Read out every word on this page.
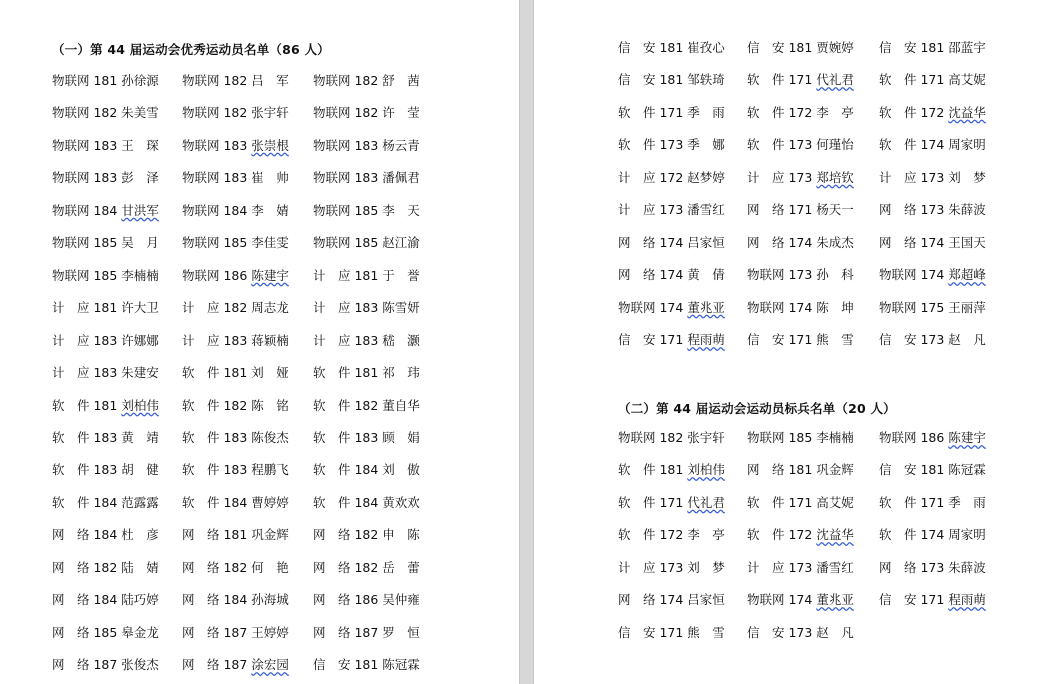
（一）第 44 届运动会优秀运动员名单（86 人）
物联网 181 孙徐源 物联网 182 吕　军 物联网 182 舒　茜
物联网 182 朱美雪 物联网 182 张宇轩 物联网 182 许　莹
物联网 183 王　琛 物联网 183 张崇根 物联网 183 杨云青
物联网 183 彭　泽 物联网 183 崔　帅 物联网 183 潘佩君
物联网 184 甘洪军 物联网 184 李　婧 物联网 185 李　天
物联网 185 吴　月 物联网 185 李佳雯 物联网 185 赵江渝
物联网 185 李楠楠 物联网 186 陈建宇 计　应 181 于　誉
计　应 181 许大卫 计　应 182 周志龙 计　应 183 陈雪妍
计　应 183 许娜娜 计　应 183 蒋颖楠 计　应 183 嵇　灏
计　应 183 朱建安 软　件 181 刘　娅 软　件 181 祁　玮
软　件 181 刘柏伟 软　件 182 陈　铭 软　件 182 董自华
软　件 183 黄　靖 软　件 183 陈俊杰 软　件 183 顾　娟
软　件 183 胡　健 软　件 183 程鹏飞 软　件 184 刘　傲
软　件 184 范露露 软　件 184 曹婷婷 软　件 184 黄欢欢
网　络 184 杜　彦 网　络 181 巩金辉 网　络 182 申　陈
网　络 182 陆　婧 网　络 182 何　艳 网　络 182 岳　蕾
网　络 184 陆巧婷 网　络 184 孙海城 网　络 186 吴仲雍
网　络 185 皋金龙 网　络 187 王婷婷 网　络 187 罗　恒
网　络 187 张俊杰 网　络 187 涂宏园 信　安 181 陈冠霖
信　安 181 崔孜心 信　安 181 贾婉婷 信　安 181 邵蓝宇
信　安 181 邹轶琦 软　件 171 代礼君 软　件 171 高艾妮
软　件 171 季　雨 软　件 172 李　亭 软　件 172 沈益华
软　件 173 季　娜 软　件 173 何瑾怡 软　件 174 周家明
计　应 172 赵梦婷 计　应 173 郑培钦 计　应 173 刘　梦
计　应 173 潘雪红 网　络 171 杨天一 网　络 173 朱薛波
网　络 174 吕家恒 网　络 174 朱成杰 网　络 174 王国天
网　络 174 黄　倩 物联网 173 孙　科 物联网 174 郑超峰
物联网 174 董兆亚 物联网 174 陈　坤 物联网 175 王丽萍
信　安 171 程雨萌 信　安 171 熊　雪 信　安 173 赵　凡
（二）第 44 届运动会运动员标兵名单（20 人）
物联网 182 张宇轩 物联网 185 李楠楠 物联网 186 陈建宇
软　件 181 刘柏伟 网　络 181 巩金辉 信　安 181 陈冠霖
软　件 171 代礼君 软　件 171 高艾妮 软　件 171 季　雨
软　件 172 李　亭 软　件 172 沈益华 软　件 174 周家明
计　应 173 刘　梦 计　应 173 潘雪红 网　络 173 朱薛波
网　络 174 吕家恒 物联网 174 董兆亚 信　安 171 程雨萌
信　安 171 熊　雪 信　安 173 赵　凡
